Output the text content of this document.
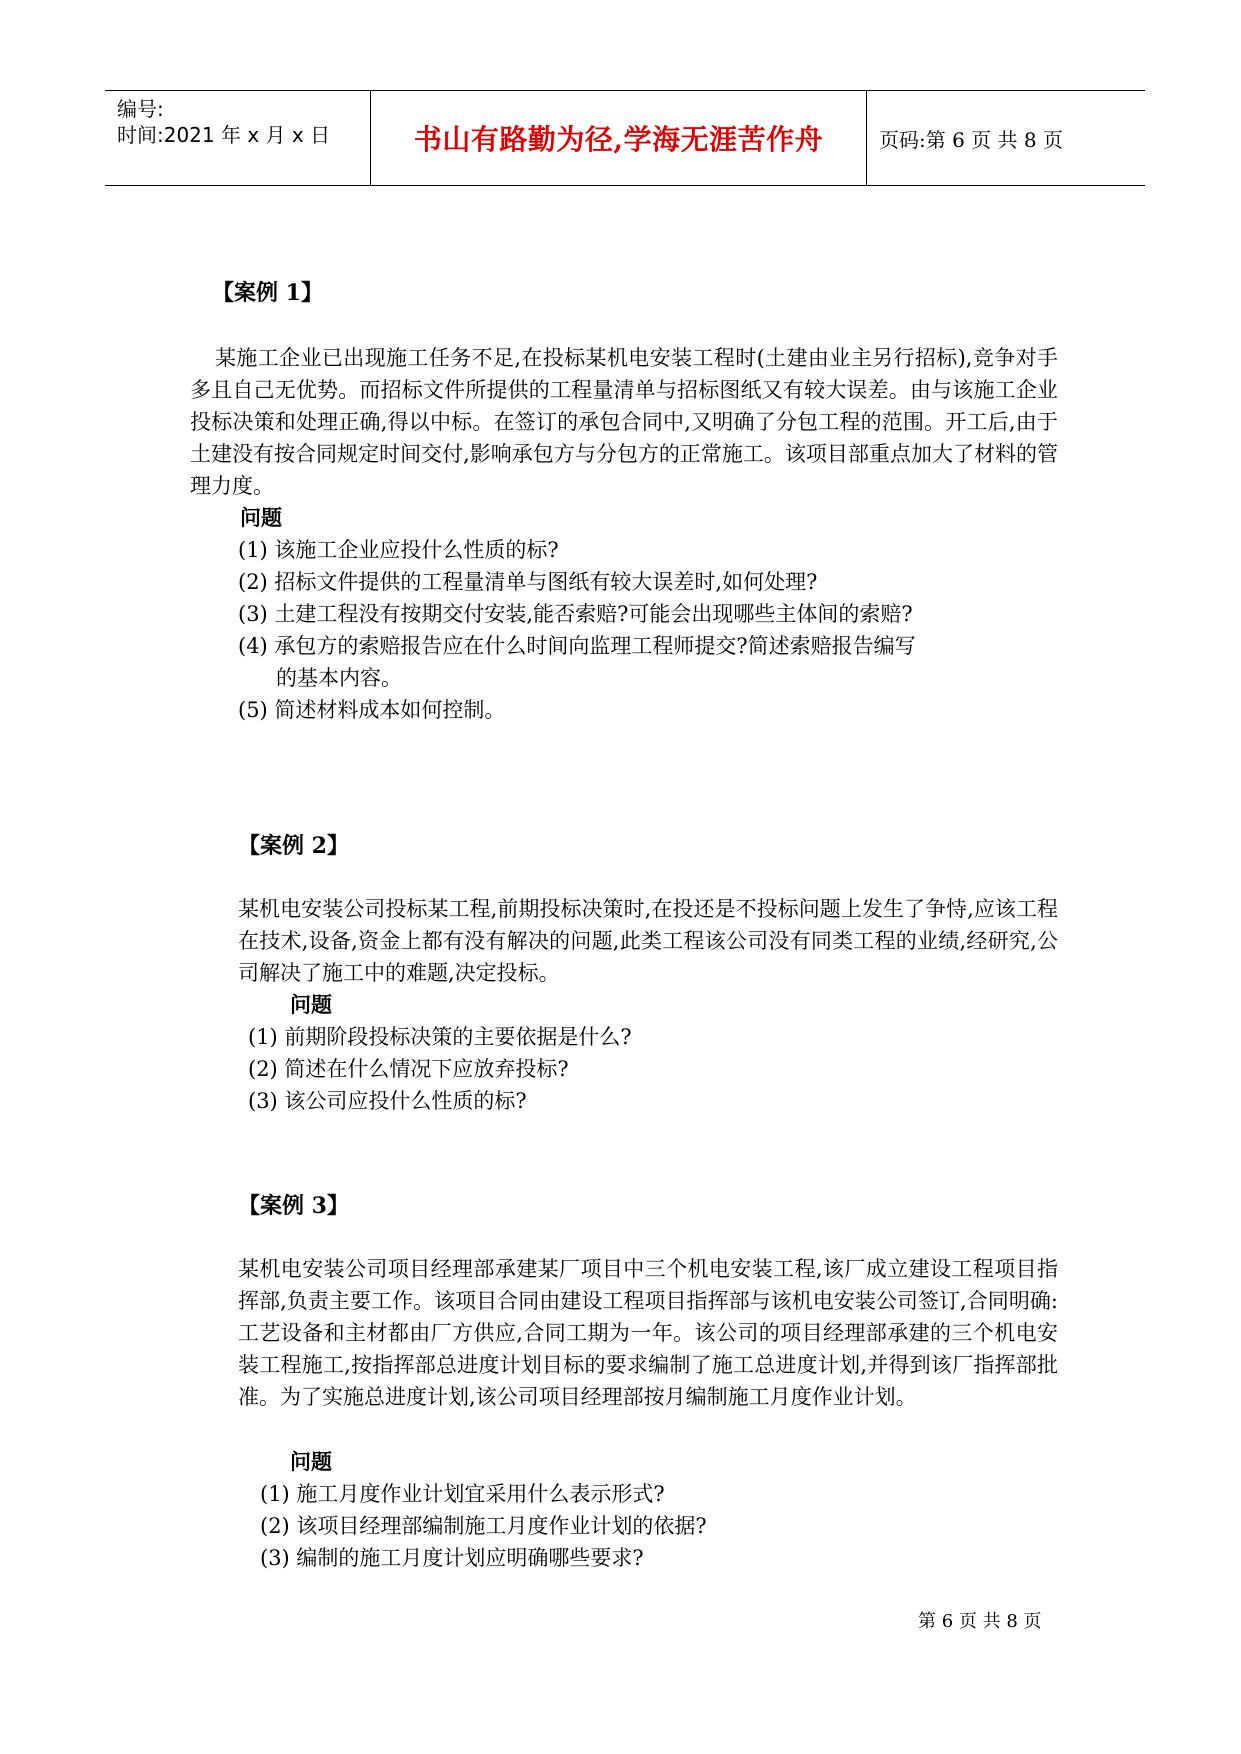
编号:
时间:2021 年 x 月 x 日	书山有路勤为径,学海无涯苦作舟	页码:第 6 页 共 8 页
【案例 1】
某施工企业已出现施工任务不足,在投标某机电安装工程时(土建由业主另行招标),竞争对手多且自己无优势。而招标文件所提供的工程量清单与招标图纸又有较大误差。由与该施工企业投标决策和处理正确,得以中标。在签订的承包合同中,又明确了分包工程的范围。开工后,由于土建没有按合同规定时间交付,影响承包方与分包方的正常施工。该项目部重点加大了材料的管理力度。
问题
(1) 该施工企业应投什么性质的标?
(2) 招标文件提供的工程量清单与图纸有较大误差时,如何处理?
(3) 土建工程没有按期交付安装,能否索赔?可能会出现哪些主体间的索赔?
(4) 承包方的索赔报告应在什么时间向监理工程师提交?简述索赔报告编写
的基本内容。
(5) 简述材料成本如何控制。
【案例 2】
某机电安装公司投标某工程,前期投标决策时,在投还是不投标问题上发生了争恃,应该工程在技术,设备,资金上都有没有解决的问题,此类工程该公司没有同类工程的业绩,经研究,公司解决了施工中的难题,决定投标。
问题
(1) 前期阶段投标决策的主要依据是什么?
(2) 简述在什么情况下应放弃投标?
(3) 该公司应投什么性质的标?
【案例 3】
某机电安装公司项目经理部承建某厂项目中三个机电安装工程,该厂成立建设工程项目指挥部,负责主要工作。该项目合同由建设工程项目指挥部与该机电安装公司签订,合同明确:工艺设备和主材都由厂方供应,合同工期为一年。该公司的项目经理部承建的三个机电安装工程施工,按指挥部总进度计划目标的要求编制了施工总进度计划,并得到该厂指挥部批准。为了实施总进度计划,该公司项目经理部按月编制施工月度作业计划。
问题
(1) 施工月度作业计划宜采用什么表示形式?
(2) 该项目经理部编制施工月度作业计划的依据?
(3) 编制的施工月度计划应明确哪些要求?
第 6 页 共 8 页
